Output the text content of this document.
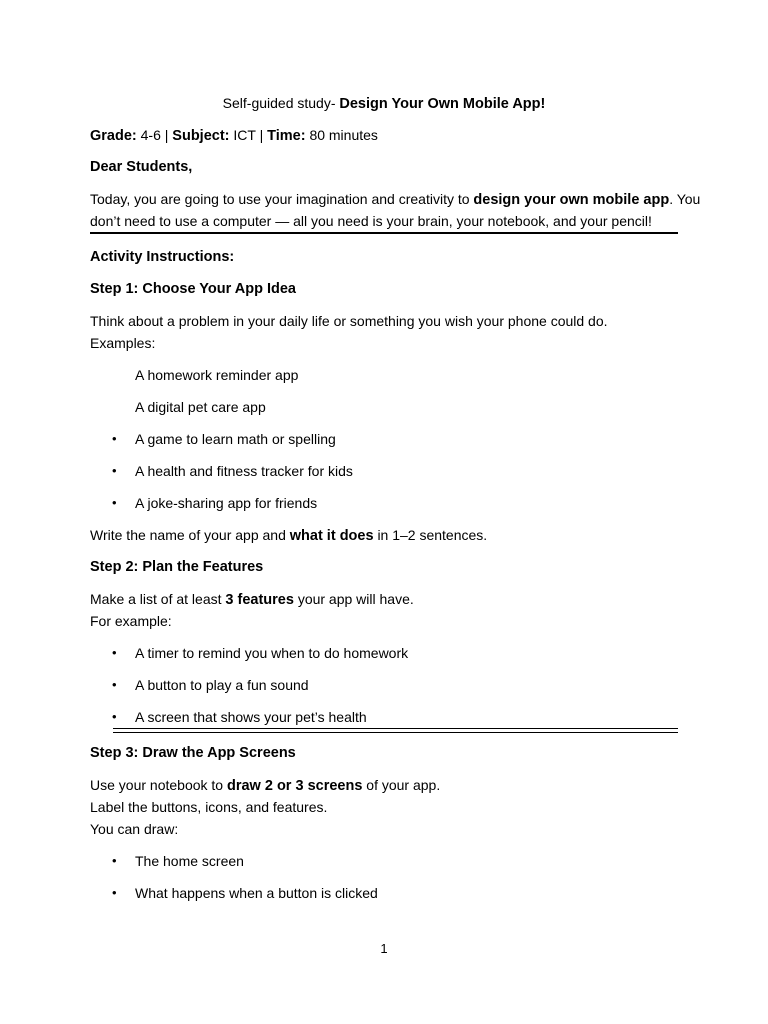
Self-guided study- Design Your Own Mobile App!
Grade: 4-6 | Subject: ICT | Time: 80 minutes
Dear Students,
Today, you are going to use your imagination and creativity to design your own mobile app. You
don’t need to use a computer — all you need is your brain, your notebook, and your pencil!
Activity Instructions:
Step 1: Choose Your App Idea
Think about a problem in your daily life or something you wish your phone could do.
Examples:
A homework reminder app
A digital pet care app
•	A game to learn math or spelling
•	A health and fitness tracker for kids
•	A joke-sharing app for friends
Write the name of your app and what it does in 1–2 sentences.
Step 2: Plan the Features
Make a list of at least 3 features your app will have.
For example:
•	A timer to remind you when to do homework
•	A button to play a fun sound
•	A screen that shows your pet’s health
Step 3: Draw the App Screens
Use your notebook to draw 2 or 3 screens of your app.
Label the buttons, icons, and features.
You can draw:
•	The home screen
•	What happens when a button is clicked
1
